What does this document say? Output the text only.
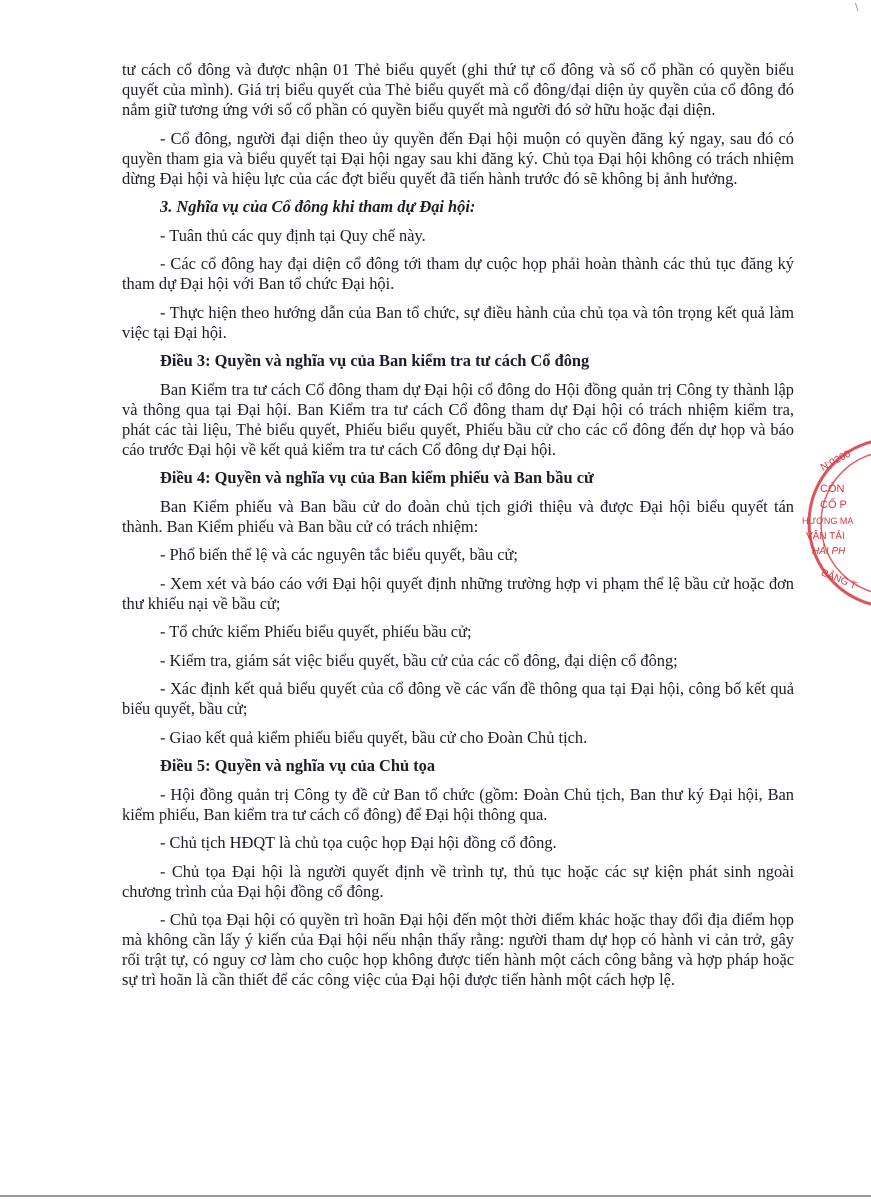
tư cách cổ đông và được nhận 01 Thẻ biểu quyết (ghi thứ tự cổ đông và số cổ phần có quyền biểu quyết của mình). Giá trị biểu quyết của Thẻ biểu quyết mà cổ đông/đại diện ủy quyền của cổ đông đó nắm giữ tương ứng với số cổ phần có quyền biểu quyết mà người đó sở hữu hoặc đại diện.

- Cổ đông, người đại diện theo ủy quyền đến Đại hội muộn có quyền đăng ký ngay, sau đó có quyền tham gia và biểu quyết tại Đại hội ngay sau khi đăng ký. Chủ tọa Đại hội không có trách nhiệm dừng Đại hội và hiệu lực của các đợt biểu quyết đã tiến hành trước đó sẽ không bị ảnh hưởng.

3. Nghĩa vụ của Cổ đông khi tham dự Đại hội:

- Tuân thủ các quy định tại Quy chế này.

- Các cổ đông hay đại diện cổ đông tới tham dự cuộc họp phải hoàn thành các thủ tục đăng ký tham dự Đại hội với Ban tổ chức Đại hội.

- Thực hiện theo hướng dẫn của Ban tổ chức, sự điều hành của chủ tọa và tôn trọng kết quả làm việc tại Đại hội.

Điều 3: Quyền và nghĩa vụ của Ban kiểm tra tư cách Cổ đông

Ban Kiểm tra tư cách Cổ đông tham dự Đại hội cổ đông do Hội đồng quản trị Công ty thành lập và thông qua tại Đại hội. Ban Kiểm tra tư cách Cổ đông tham dự Đại hội có trách nhiệm kiểm tra, phát các tài liệu, Thẻ biểu quyết, Phiếu biểu quyết, Phiếu bầu cử cho các cổ đông đến dự họp và báo cáo trước Đại hội về kết quả kiểm tra tư cách Cổ đông dự Đại hội.

Điều 4: Quyền và nghĩa vụ của Ban kiểm phiếu và Ban bầu cử

Ban Kiểm phiếu và Ban bầu cử do đoàn chủ tịch giới thiệu và được Đại hội biểu quyết tán thành. Ban Kiểm phiếu và Ban bầu cử có trách nhiệm:

- Phổ biến thể lệ và các nguyên tắc biểu quyết, bầu cử;

- Xem xét và báo cáo với Đại hội quyết định những trường hợp vi phạm thể lệ bầu cử hoặc đơn thư khiếu nại về bầu cử;

- Tổ chức kiểm Phiếu biểu quyết, phiếu bầu cử;

- Kiểm tra, giám sát việc biểu quyết, bầu cử của các cổ đông, đại diện cổ đông;

- Xác định kết quả biểu quyết của cổ đông về các vấn đề thông qua tại Đại hội, công bố kết quả biểu quyết, bầu cử;

- Giao kết quả kiểm phiếu biểu quyết, bầu cử cho Đoàn Chủ tịch.

Điều 5: Quyền và nghĩa vụ của Chủ tọa

- Hội đồng quản trị Công ty đề cử Ban tổ chức (gồm: Đoàn Chủ tịch, Ban thư ký Đại hội, Ban kiểm phiếu, Ban kiểm tra tư cách cổ đông) để Đại hội thông qua.

- Chủ tịch HĐQT là chủ tọa cuộc họp Đại hội đồng cổ đông.

- Chủ tọa Đại hội là người quyết định về trình tự, thủ tục hoặc các sự kiện phát sinh ngoài chương trình của Đại hội đồng cổ đông.

- Chủ tọa Đại hội có quyền trì hoãn Đại hội đến một thời điểm khác hoặc thay đổi địa điểm họp mà không cần lấy ý kiến của Đại hội nếu nhận thấy rằng: người tham dự họp có hành vi cản trở, gây rối trật tự, có nguy cơ làm cho cuộc họp không được tiến hành một cách công bằng và hợp pháp hoặc sự trì hoãn là cần thiết để các công việc của Đại hội được tiến hành một cách hợp lệ.

N:0200
CÔN
CỔ P
HƯƠNG MẠ
VẬN TẢI
HẢI PH
BẢNG T
\
